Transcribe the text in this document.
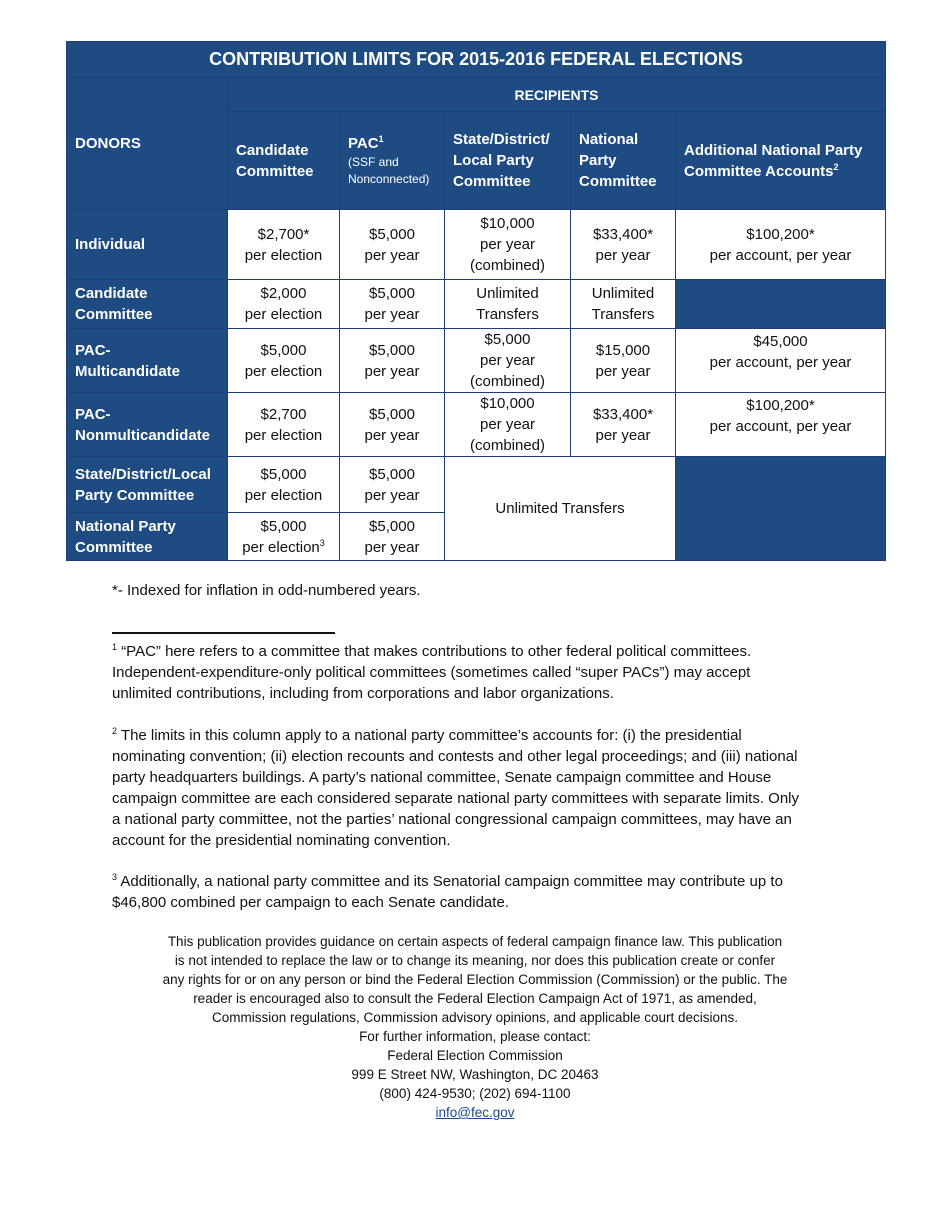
CONTRIBUTION LIMITS FOR 2015-2016 FEDERAL ELECTIONS					
DONORS	RECIPIENTS				

	Candidate
Committee	PAC$^1$
(SSF and
Nonconnected)	State/District/
Local Party
Committee	National
Party
Committee	Additional National Party
Committee Accounts$^2$

Individual	$2,700*
per election	$5,000
per year	$10,000
per year
(combined)	$33,400*
per year	$100,200*
per account, per year

Candidate
Committee	$2,000
per election	$5,000
per year	Unlimited
Transfers	Unlimited
Transfers	

PAC-
Multicandidate	$5,000
per election	$5,000
per year	$5,000
per year
(combined)	$15,000
per year	$45,000
per account, per year

PAC-
Nonmulticandidate	$2,700
per election	$5,000
per year	$10,000
per year
(combined)	$33,400*
per year	$100,200*
per account, per year

State/District/Local
Party Committee	$5,000
per election	$5,000
per year	Unlimited Transfers		

National Party
Committee	$5,000
per election$^3$	$5,000
per year			
*- Indexed for inflation in odd-numbered years.
$^1$ “PAC” here refers to a committee that makes contributions to other federal political committees.
Independent-expenditure-only political committees (sometimes called “super PACs”) may accept
unlimited contributions, including from corporations and labor organizations.
$^2$ The limits in this column apply to a national party committee’s accounts for: (i) the presidential
nominating convention; (ii) election recounts and contests and other legal proceedings; and (iii) national
party headquarters buildings. A party’s national committee, Senate campaign committee and House
campaign committee are each considered separate national party committees with separate limits. Only
a national party committee, not the parties’ national congressional campaign committees, may have an
account for the presidential nominating convention.
$^3$ Additionally, a national party committee and its Senatorial campaign committee may contribute up to
$46,800 combined per campaign to each Senate candidate.
This publication provides guidance on certain aspects of federal campaign finance law. This publication
is not intended to replace the law or to change its meaning, nor does this publication create or confer
any rights for or on any person or bind the Federal Election Commission (Commission) or the public. The
reader is encouraged also to consult the Federal Election Campaign Act of 1971, as amended,
Commission regulations, Commission advisory opinions, and applicable court decisions.
For further information, please contact:
Federal Election Commission
999 E Street NW, Washington, DC 20463
(800) 424-9530; (202) 694-1100
info@fec.gov
